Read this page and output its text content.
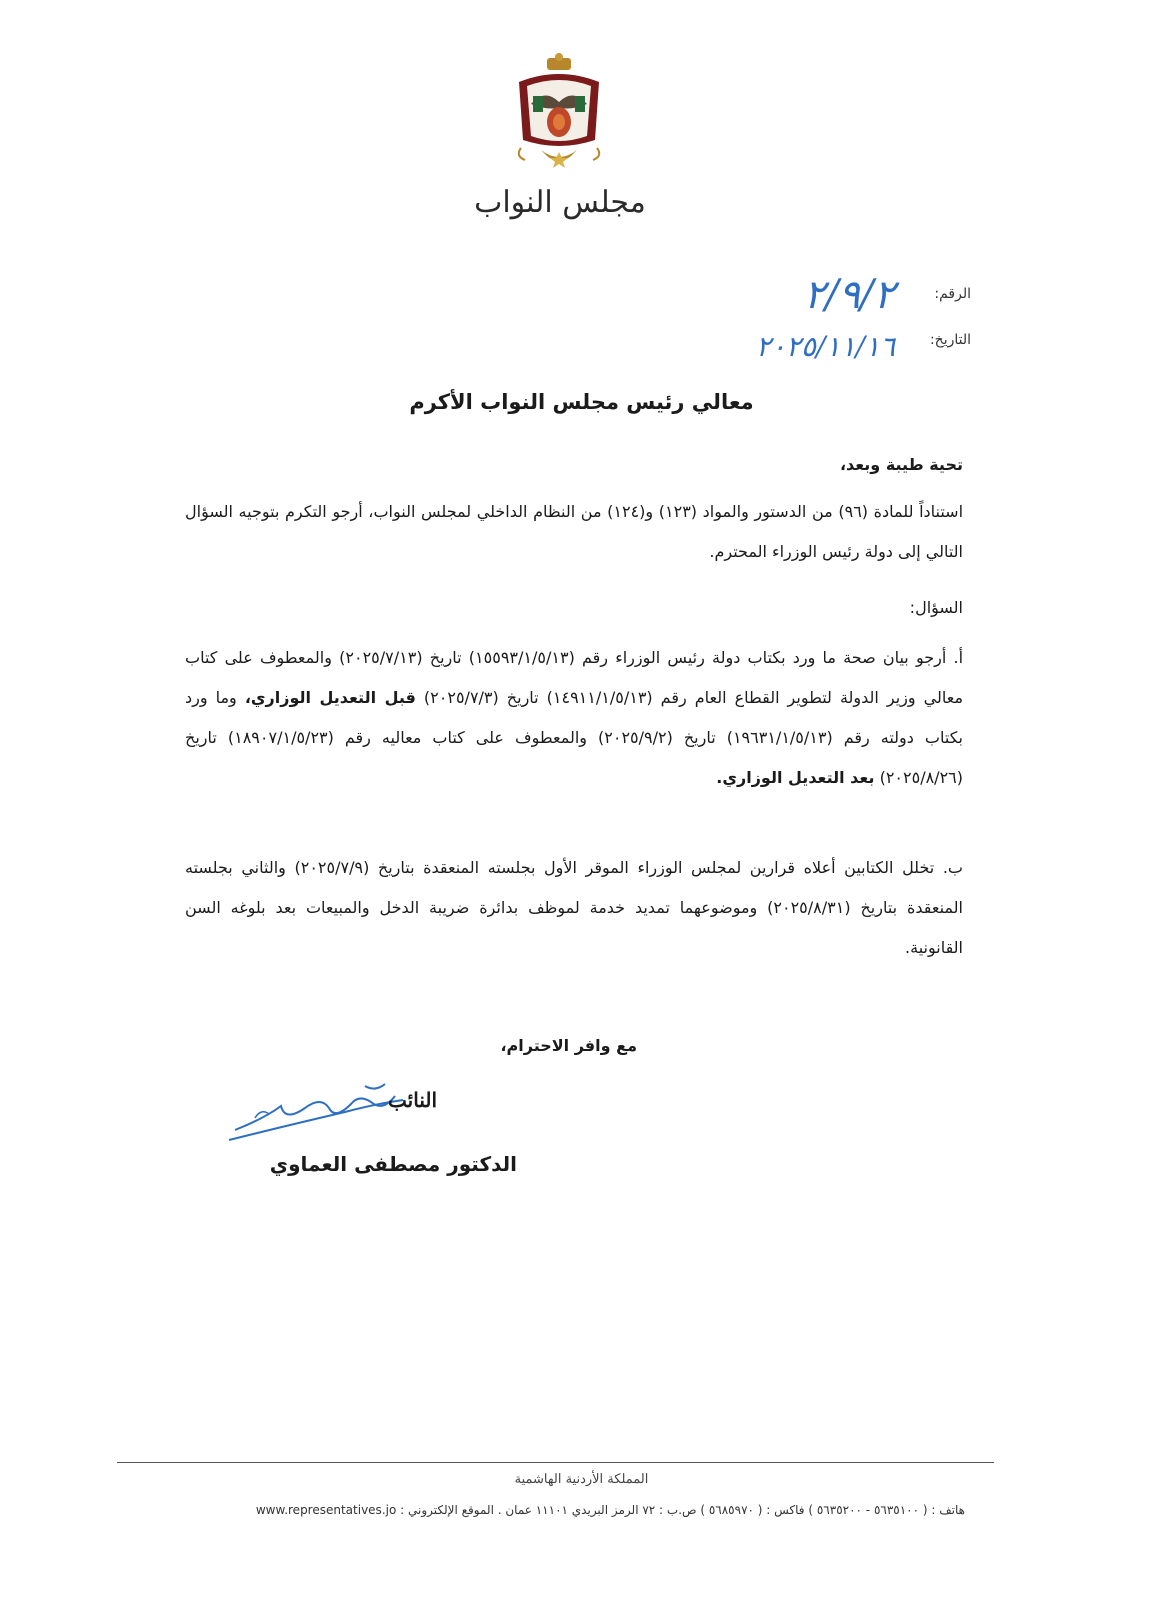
مجلس النواب
الرقم:
٢/٩/٢
التاريخ:
٢٠٢٥/١١/١٦
معالي رئيس مجلس النواب الأكرم
تحية طيبة وبعد،
استناداً للمادة (٩٦) من الدستور والمواد (١٢٣) و(١٢٤) من النظام الداخلي لمجلس النواب، أرجو التكرم بتوجيه السؤال التالي إلى دولة رئيس الوزراء المحترم.
السؤال:
أ. أرجو بيان صحة ما ورد بكتاب دولة رئيس الوزراء رقم (١٥٥٩٣/١/٥/١٣) تاريخ (٢٠٢٥/٧/١٣) والمعطوف على كتاب معالي وزير الدولة لتطوير القطاع العام رقم (١٤٩١١/١/٥/١٣) تاريخ (٢٠٢٥/٧/٣) قبل التعديل الوزاري، وما ورد بكتاب دولته رقم (١٩٦٣١/١/٥/١٣) تاريخ (٢٠٢٥/٩/٢) والمعطوف على كتاب معاليه رقم (١٨٩٠٧/١/٥/٢٣) تاريخ (٢٠٢٥/٨/٢٦) بعد التعديل الوزاري.
ب. تخلل الكتابين أعلاه قرارين لمجلس الوزراء الموقر الأول بجلسته المنعقدة بتاريخ (٢٠٢٥/٧/٩) والثاني بجلسته المنعقدة بتاريخ (٢٠٢٥/٨/٣١) وموضوعهما تمديد خدمة لموظف بدائرة ضريبة الدخل والمبيعات بعد بلوغه السن القانونية.
مع وافر الاحترام،
النائب
الدكتور مصطفى العماوي
المملكة الأردنية الهاشمية
هاتف : ( ٥٦٣٥١٠٠ - ٥٦٣٥٢٠٠ ) فاكس : ( ٥٦٨٥٩٧٠ ) ص.ب : ٧٢ الرمز البريدي ١١١٠١ عمان . الموقع الإلكتروني : www.representatives.jo
